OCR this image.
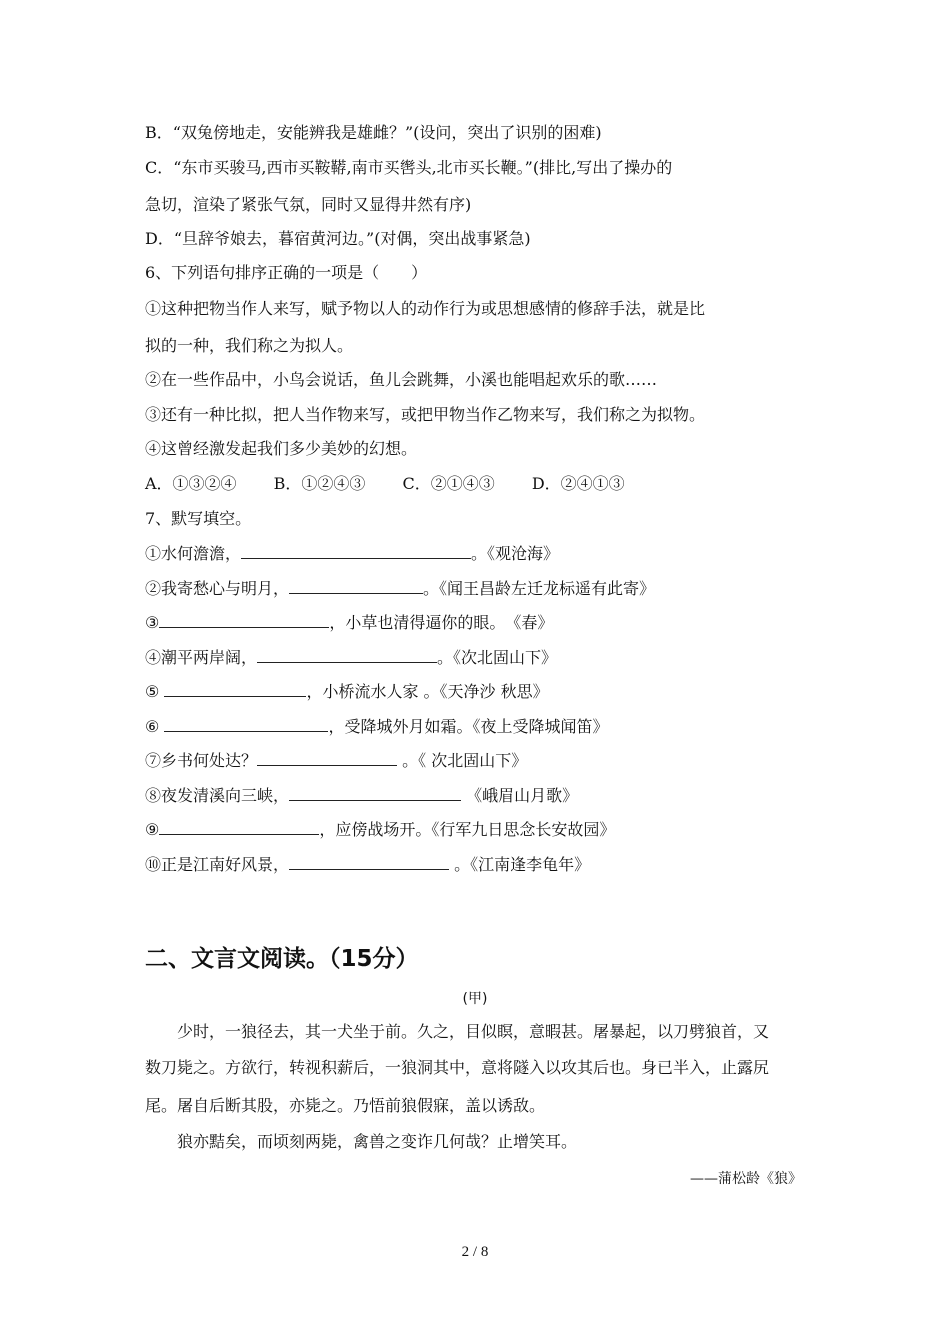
B．“双兔傍地走，安能辨我是雄雌？”(设问，突出了识别的困难)
C．“东市买骏马,西市买鞍鞯,南市买辔头,北市买长鞭。”(排比,写出了操办的
急切，渲染了紧张气氛，同时又显得井然有序)
D．“旦辞爷娘去，暮宿黄河边。”(对偶，突出战事紧急)
6、下列语句排序正确的一项是（　　）
①这种把物当作人来写，赋予物以人的动作行为或思想感情的修辞手法，就是比
拟的一种，我们称之为拟人。
②在一些作品中，小鸟会说话，鱼儿会跳舞，小溪也能唱起欢乐的歌……
③还有一种比拟，把人当作物来写，或把甲物当作乙物来写，我们称之为拟物。
④这曾经激发起我们多少美妙的幻想。
A．①③②④　　 B．①②④③　　 C．②①④③　　 D．②④①③
7、默写填空。
①水何澹澹，	。《观沧海》
②我寄愁心与明月，	。《闻王昌龄左迁龙标遥有此寄》
③	，小草也清得逼你的眼。　《春》
④潮平两岸阔，	。《次北固山下》
⑤	，小桥流水人家 。《天净沙 秋思》
⑥	，受降城外月如霜。《夜上受降城闻笛》
⑦乡书何处达？	。《 次北固山下》
⑧夜发清溪向三峡，	《峨眉山月歌》
⑨	，应傍战场开。《行军九日思念长安故园》
⑩正是江南好风景，	。《江南逢李龟年》
二、文言文阅读。（15分）
(甲)
　　少时，一狼径去，其一犬坐于前。久之，目似瞑，意暇甚。屠暴起，以刀劈狼首，又
数刀毙之。方欲行，转视积薪后，一狼洞其中，意将隧入以攻其后也。身已半入，止露尻
尾。屠自后断其股，亦毙之。乃悟前狼假寐，盖以诱敌。
　　狼亦黠矣，而顷刻两毙，禽兽之变诈几何哉？止增笑耳。
——蒲松龄《狼》
2 / 8
